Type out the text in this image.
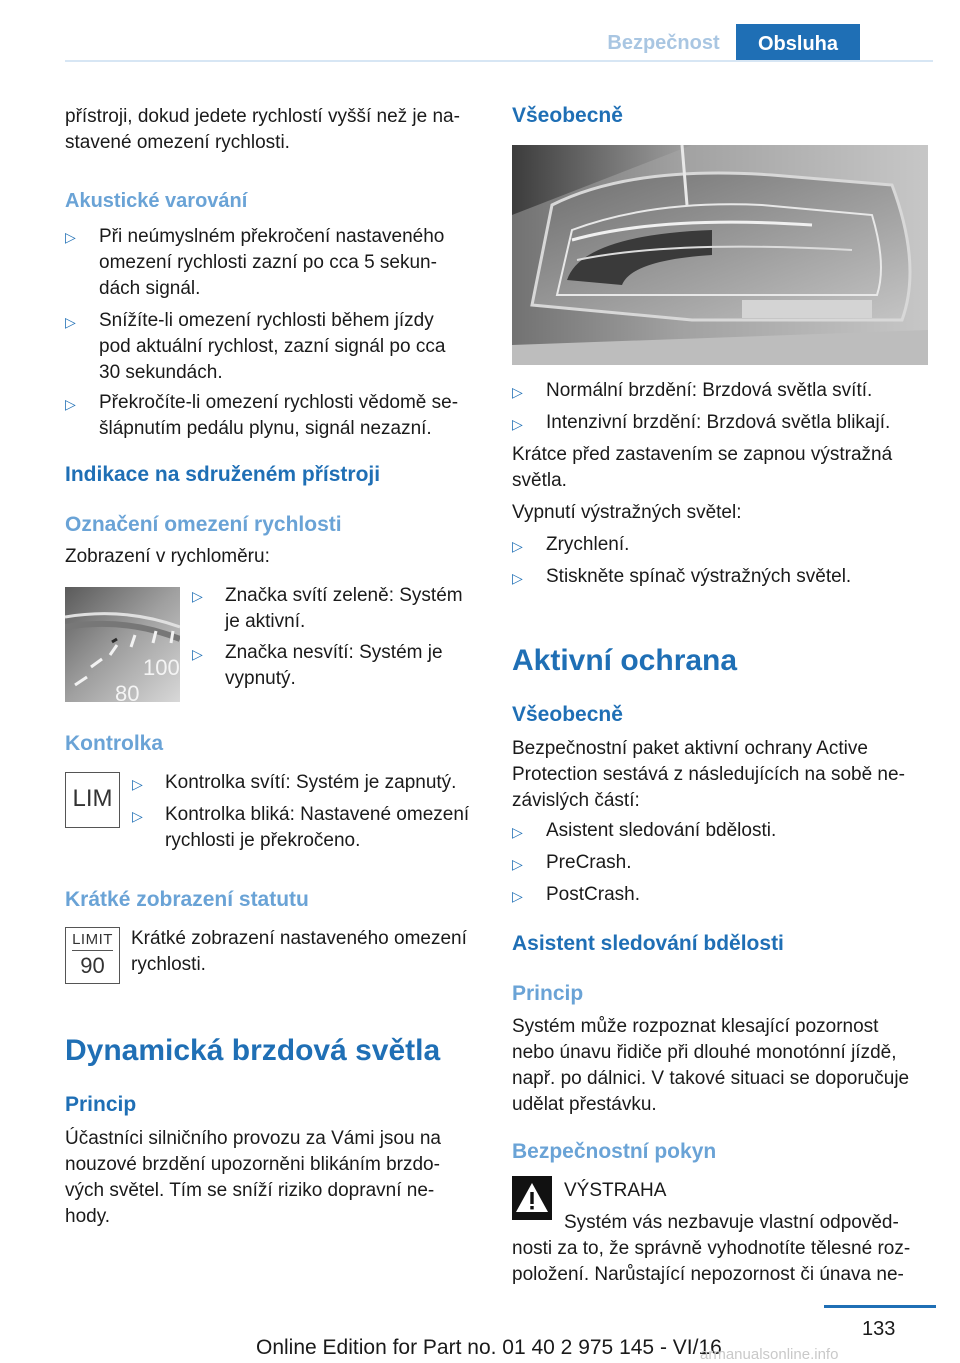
Bezpečnost	Obsluha
přístroji, dokud jedete rychlostí vyšší než je na-
stavené omezení rychlosti.
Akustické varování
▷ Při neúmyslném překročení nastaveného
omezení rychlosti zazní po cca 5 sekun-
dách signál.
▷ Snížíte-li omezení rychlosti během jízdy
pod aktuální rychlost, zazní signál po cca
30 sekundách.
▷ Překročíte-li omezení rychlosti vědomě se-
šlápnutím pedálu plynu, signál nezazní.
Indikace na sdruženém přístroji
Označení omezení rychlosti
Zobrazení v rychloměru:
100
80
▷ Značka svítí zeleně: Systém
je aktivní.
▷ Značka nesvítí: Systém je
vypnutý.
Kontrolka
LIM
▷ Kontrolka svítí: Systém je zapnutý.
▷ Kontrolka bliká: Nastavené omezení
rychlosti je překročeno.
Krátké zobrazení statutu
LIMIT
90
Krátké zobrazení nastaveného omezení
rychlosti.
Dynamická brzdová světla
Princip
Účastníci silničního provozu za Vámi jsou na
nouzové brzdění upozorněni blikáním brzdo-
vých světel. Tím se sníží riziko dopravní ne-
hody.
Všeobecně
▷ Normální brzdění: Brzdová světla svítí.
▷ Intenzivní brzdění: Brzdová světla blikají.
Krátce před zastavením se zapnou výstražná
světla.
Vypnutí výstražných světel:
▷ Zrychlení.
▷ Stiskněte spínač výstražných světel.
Aktivní ochrana
Všeobecně
Bezpečnostní paket aktivní ochrany Active
Protection sestává z následujících na sobě ne-
závislých částí:
▷ Asistent sledování bdělosti.
▷ PreCrash.
▷ PostCrash.
Asistent sledování bdělosti
Princip
Systém může rozpoznat klesající pozornost
nebo únavu řidiče při dlouhé monotónní jízdě,
např. po dálnici. V takové situaci se doporučuje
udělat přestávku.
Bezpečnostní pokyn
VÝSTRAHA
Systém vás nezbavuje vlastní odpověd-
nosti za to, že správně vyhodnotíte tělesné roz-
položení. Narůstající nepozornost či únava ne-
133
Online Edition for Part no. 01 40 2 975 145 - VI/16
armanualsonline.info
